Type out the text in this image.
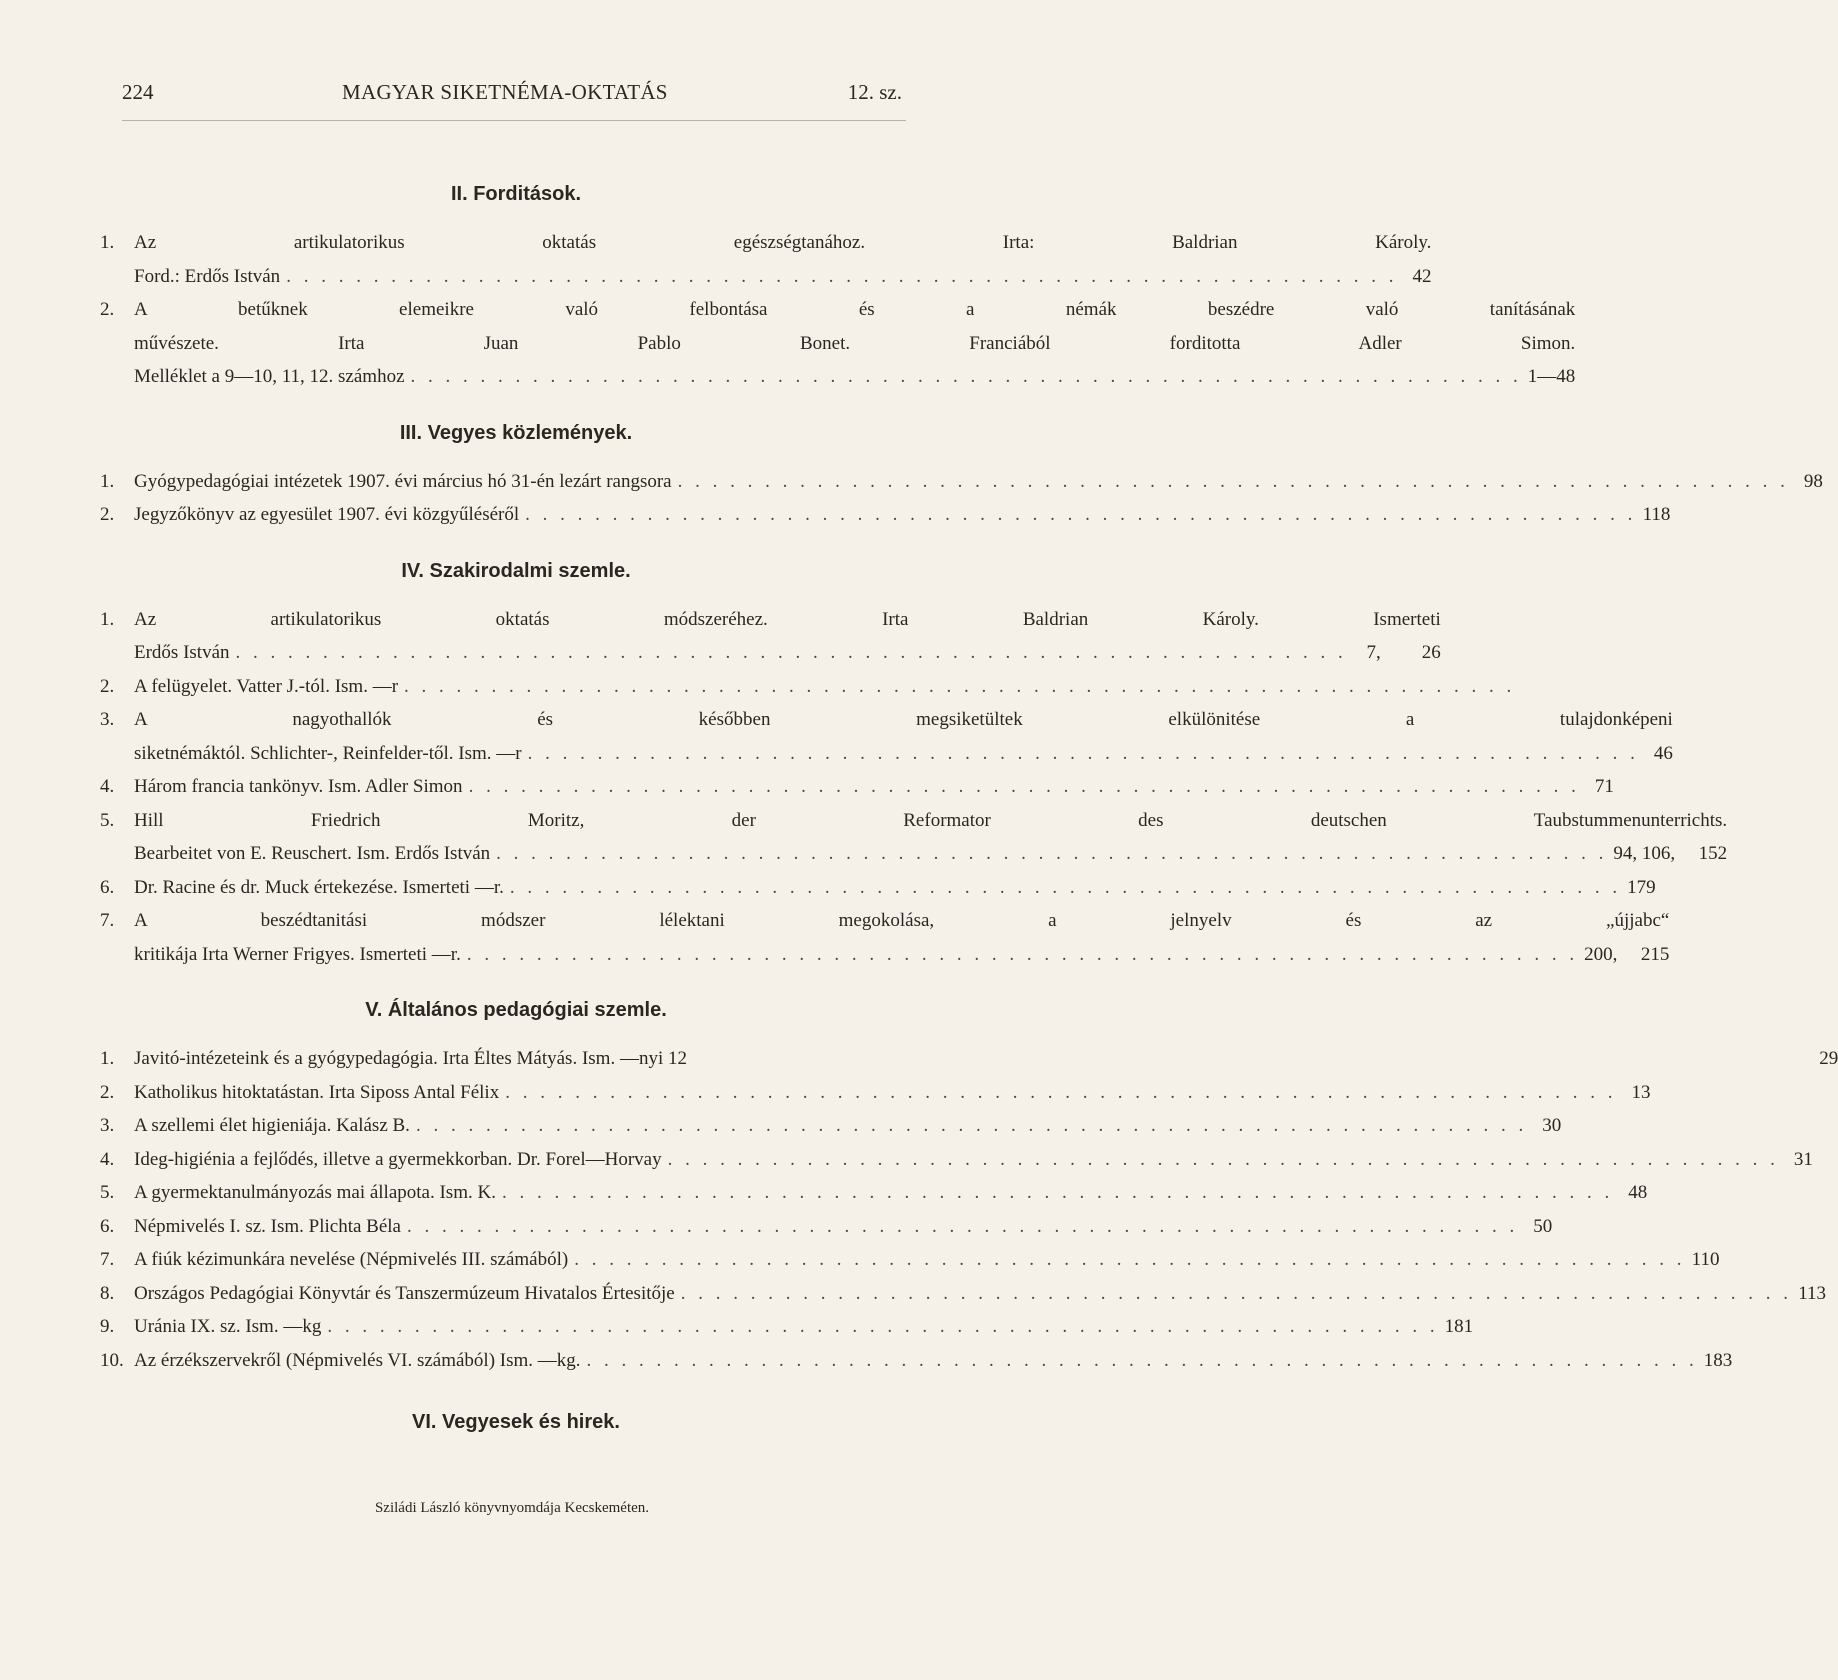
224	MAGYAR SIKETNÉMA-OKTATÁS	12. sz.
II. Forditások.
1.	Az artikulatorikus oktatás egészségtanához. Irta: Baldrian Károly.
Ford.: Erdős István . . .	42
2.	A betűknek elemeikre való felbontása és a némák beszédre való tanításának
művészete. Irta Juan Pablo Bonet. Franciából forditotta Adler Simon.
Melléklet a 9—10, 11, 12. számhoz . . .	1—48
III. Vegyes közlemények.
1.	Gyógypedagógiai intézetek 1907. évi március hó 31-én lezárt rangsora . . .	98
2.	Jegyzőkönyv az egyesület 1907. évi közgyűléséről . . .	118
IV. Szakirodalmi szemle.
1.	Az artikulatorikus oktatás módszeréhez. Irta Baldrian Károly. Ismerteti
Erdős István . . .	7,	26
2.	A felügyelet. Vatter J.-tól. Ism. —r
. . .
3.	A nagyothallók és későbben megsiketültek elkülönitése a tulajdonképeni
siketnémáktól. Schlichter-, Reinfelder-től. Ism. —r . . .	46
4.	Három francia tankönyv. Ism. Adler Simon . . .	71
5.	Hill Friedrich Moritz, der Reformator des deutschen Taubstummenunterrichts.
Bearbeitet von E. Reuschert. Ism. Erdős István . . .	94, 106,	152
6.	Dr. Racine és dr. Muck értekezése. Ismerteti —r. . . .	179
7.	A beszédtanitási módszer lélektani megokolása, a jelnyelv és az „újjabc“
kritikája Irta Werner Frigyes. Ismerteti —r. . . .	200,	215
V. Általános pedagógiai szemle.
1.	Javitó-intézeteink és a gyógypedagógia. Irta Éltes Mátyás. Ism. —nyi 12	29
2.	Katholikus hitoktatástan. Irta Siposs Antal Félix . . .	13
3.	A szellemi élet higieniája. Kalász B. . . .	30
4.	Ideg-higiénia a fejlődés, illetve a gyermekkorban. Dr. Forel—Horvay . . .	31
5.	A gyermektanulmányozás mai állapota. Ism. K. . . .	48
6.	Népmivelés I. sz. Ism. Plichta Béla . . .	50
7.	A fiúk kézimunkára nevelése (Népmivelés III. számából) . . .	110
8.	Országos Pedagógiai Könyvtár és Tanszermúzeum Hivatalos Értesitője . . .	113
9.	Uránia IX. sz. Ism. —kg . . .	181
10. Az érzékszervekről (Népmivelés VI. számából) Ism. —kg. . . .	183
VI. Vegyesek és hirek.
Sziládi László könyvnyomdája Kecskeméten.
